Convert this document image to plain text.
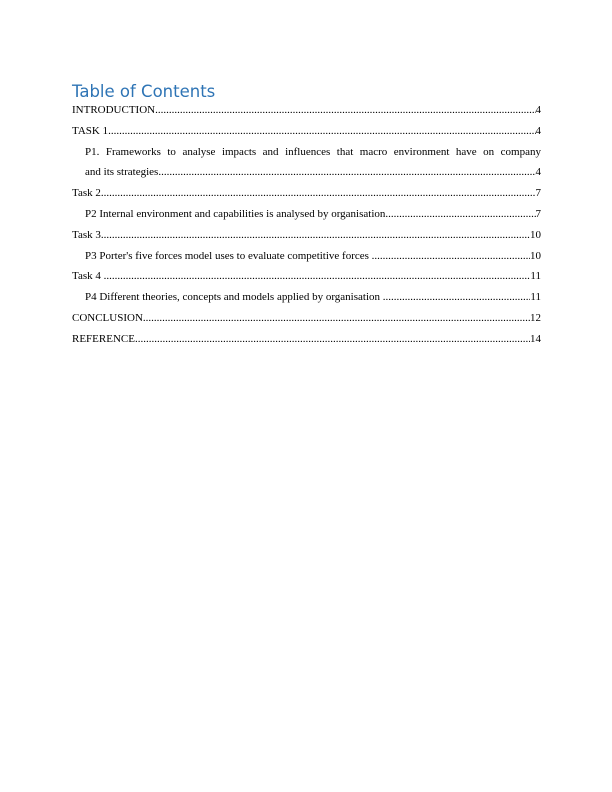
Table of Contents
INTRODUCTION .....	4
TASK 1 .....	4
P1. Frameworks to analyse impacts and influences that macro environment have on company
and its strategies .....	4
Task 2 .....	7
P2 Internal environment and capabilities is analysed by organisation .....	7
Task 3 .....	10
P3 Porter's five forces model uses to evaluate competitive forces .....	10
Task 4 .....	11
P4 Different theories, concepts and models applied by organisation .....	11
CONCLUSION .....	12
REFERENCE .....	14
